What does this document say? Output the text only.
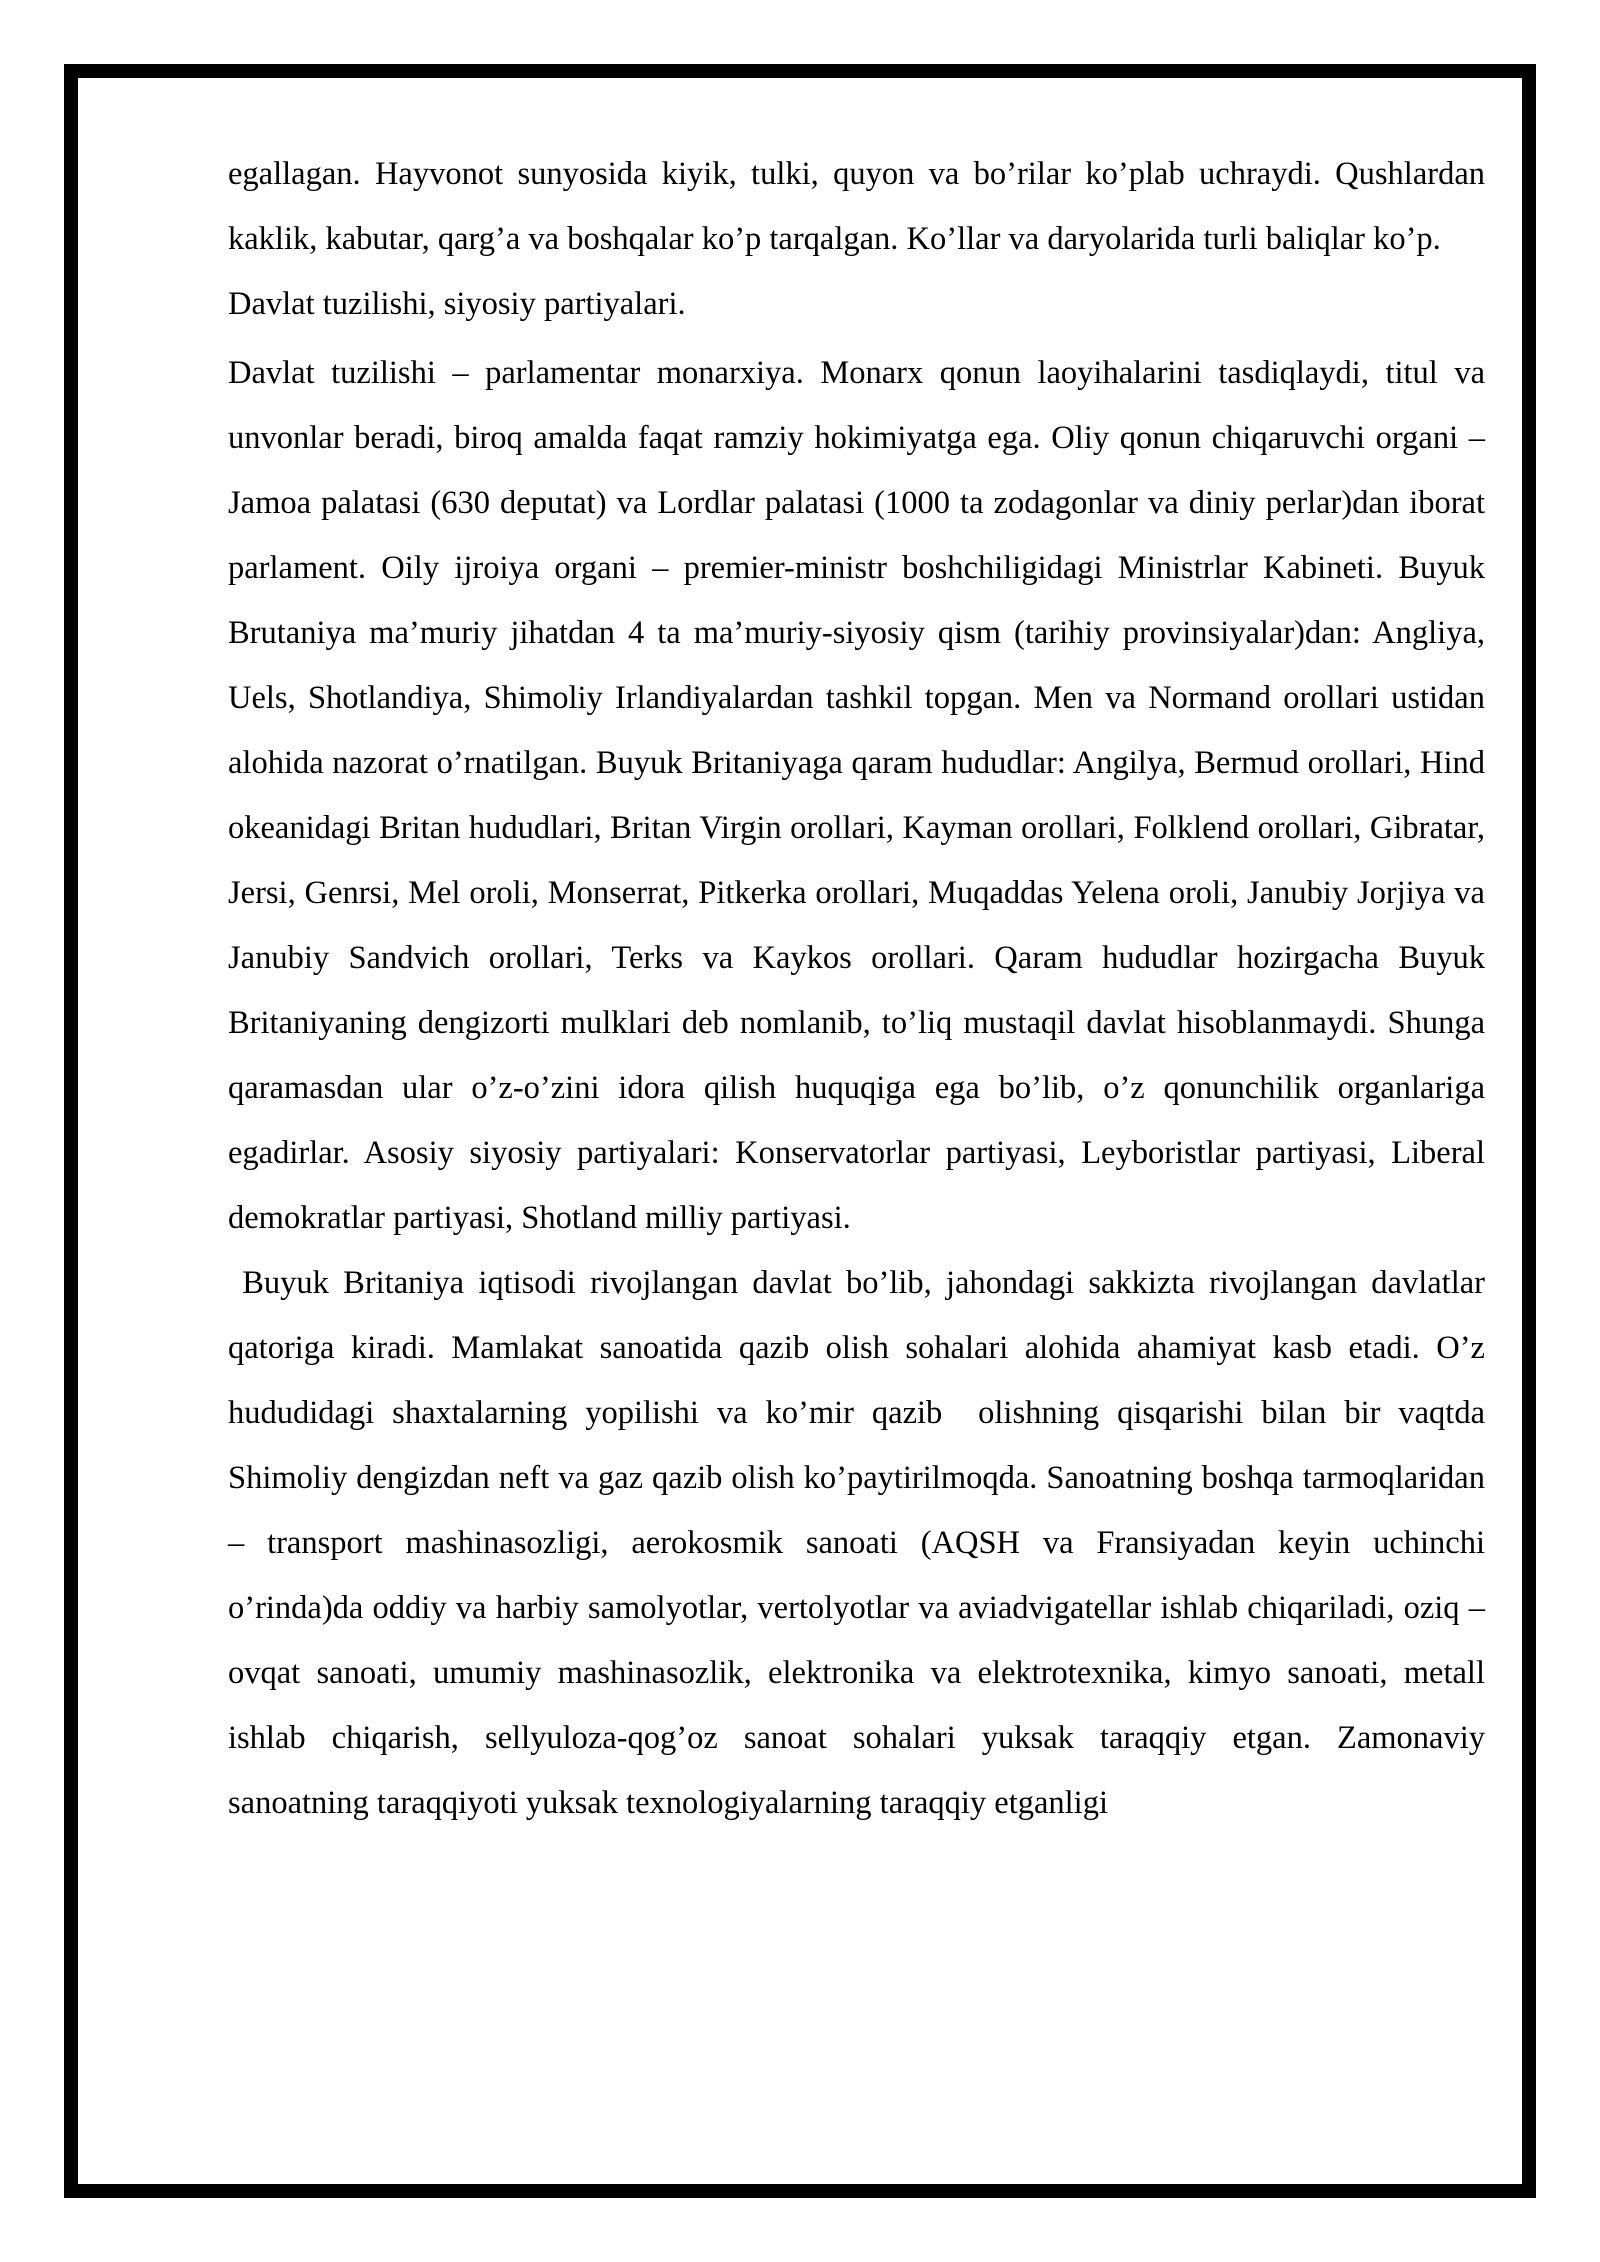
egallagan. Hayvonot sunyosida kiyik, tulki, quyon va bo’rilar ko’plab uchraydi. Qushlardan kaklik, kabutar, qarg’a va boshqalar ko’p tarqalgan. Ko’llar va daryolarida turli baliqlar ko’p.

Davlat tuzilishi, siyosiy partiyalari.

Davlat tuzilishi – parlamentar monarxiya. Monarx qonun laoyihalarini tasdiqlaydi, titul va unvonlar beradi, biroq amalda faqat ramziy hokimiyatga ega. Oliy qonun chiqaruvchi organi – Jamoa palatasi (630 deputat) va Lordlar palatasi (1000 ta zodagonlar va diniy perlar)dan iborat parlament. Oily ijroiya organi – premier-ministr boshchiligidagi Ministrlar Kabineti. Buyuk Brutaniya ma’muriy jihatdan 4 ta ma’muriy-siyosiy qism (tarihiy provinsiyalar)dan: Angliya, Uels, Shotlandiya, Shimoliy Irlandiyalardan tashkil topgan. Men va Normand orollari ustidan alohida nazorat o’rnatilgan. Buyuk Britaniyaga qaram hududlar: Angilya, Bermud orollari, Hind okeanidagi Britan hududlari, Britan Virgin orollari, Kayman orollari, Folklend orollari, Gibratar, Jersi, Genrsi, Mel oroli, Monserrat, Pitkerka orollari, Muqaddas Yelena oroli, Janubiy Jorjiya va Janubiy Sandvich orollari, Terks va Kaykos orollari. Qaram hududlar hozirgacha Buyuk Britaniyaning dengizorti mulklari deb nomlanib, to’liq mustaqil davlat hisoblanmaydi. Shunga qaramasdan ular o’z-o’zini idora qilish huquqiga ega bo’lib, o’z qonunchilik organlariga egadirlar. Asosiy siyosiy partiyalari: Konservatorlar partiyasi, Leyboristlar partiyasi, Liberal demokratlar partiyasi, Shotland milliy partiyasi.

Buyuk Britaniya iqtisodi rivojlangan davlat bo’lib, jahondagi sakkizta rivojlangan davlatlar qatoriga kiradi. Mamlakat sanoatida qazib olish sohalari alohida ahamiyat kasb etadi. O’z hududidagi shaxtalarning yopilishi va ko’mir qazib  olishning qisqarishi bilan bir vaqtda Shimoliy dengizdan neft va gaz qazib olish ko’paytirilmoqda. Sanoatning boshqa tarmoqlaridan – transport mashinasozligi, aerokosmik sanoati (AQSH va Fransiyadan keyin uchinchi o’rinda)da oddiy va harbiy samolyotlar, vertolyotlar va aviadvigatellar ishlab chiqariladi, oziq – ovqat sanoati, umumiy mashinasozlik, elektronika va elektrotexnika, kimyo sanoati, metall ishlab chiqarish, sellyuloza-qog’oz sanoat sohalari yuksak taraqqiy etgan. Zamonaviy sanoatning taraqqiyoti yuksak texnologiyalarning taraqqiy etganligi
